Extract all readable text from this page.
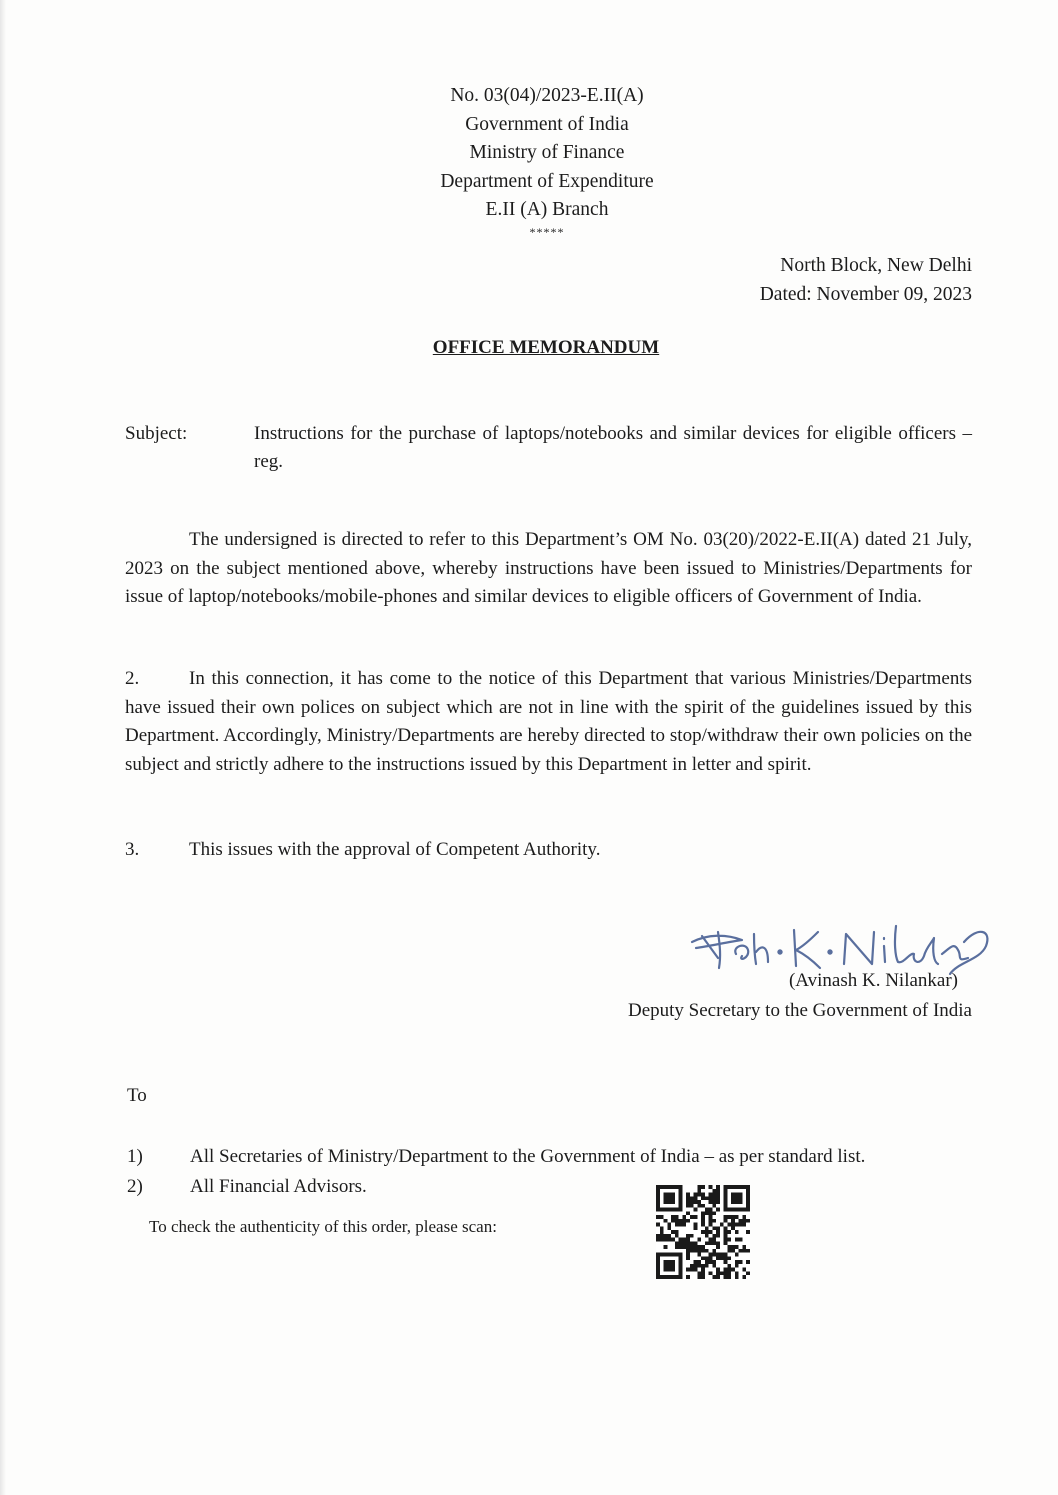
No. 03(04)/2023-E.II(A)
Government of India
Ministry of Finance
Department of Expenditure
E.II (A) Branch
*****
North Block, New Delhi
Dated: November 09, 2023
OFFICE MEMORANDUM
Subject:	Instructions for the purchase of laptops/notebooks and similar devices for eligible officers – reg.
The undersigned is directed to refer to this Department’s OM No. 03(20)/2022-E.II(A) dated 21 July, 2023 on the subject mentioned above, whereby instructions have been issued to Ministries/Departments for issue of laptop/notebooks/mobile-phones and similar devices to eligible officers of Government of India.
2.	In this connection, it has come to the notice of this Department that various Ministries/Departments have issued their own polices on subject which are not in line with the spirit of the guidelines issued by this Department. Accordingly, Ministry/Departments are hereby directed to stop/withdraw their own policies on the subject and strictly adhere to the instructions issued by this Department in letter and spirit.
3.	This issues with the approval of Competent Authority.
(Avinash K. Nilankar)
Deputy Secretary to the Government of India
To
1) All Secretaries of Ministry/Department to the Government of India – as per standard list.
2) All Financial Advisors.
To check the authenticity of this order, please scan:
